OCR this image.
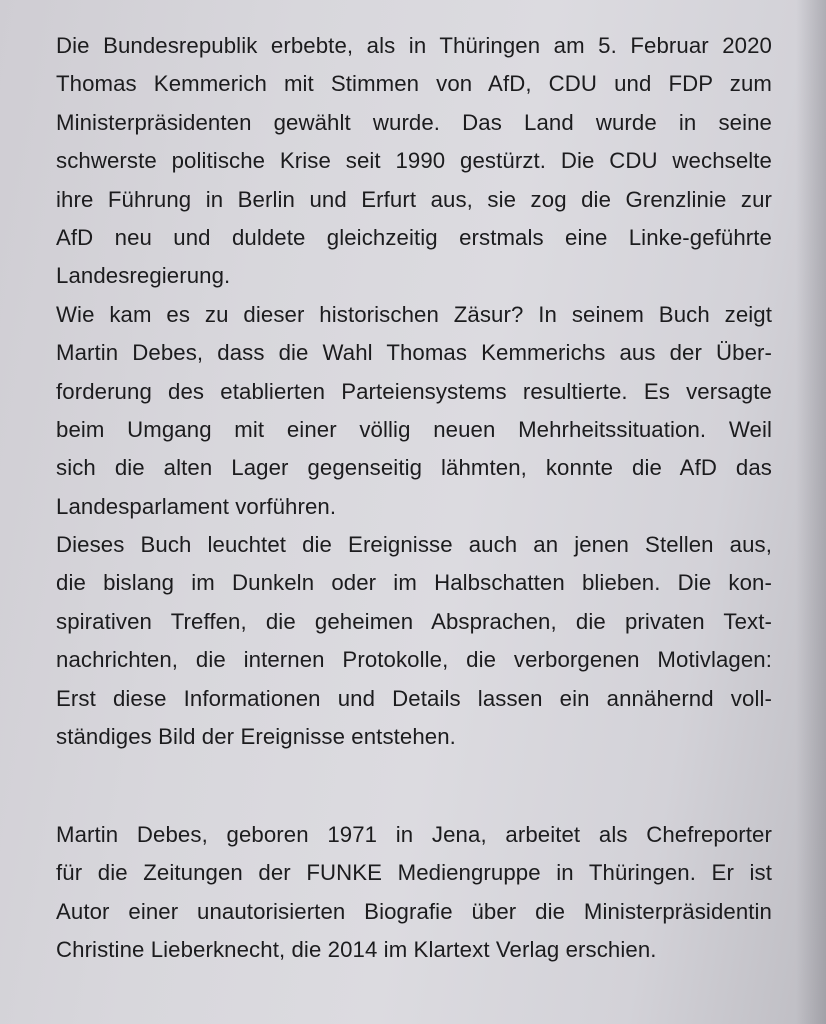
Die Bundesrepublik erbebte, als in Thüringen am 5. Februar 2020
Thomas Kemmerich mit Stimmen von AfD, CDU und FDP zum
Ministerpräsidenten gewählt wurde. Das Land wurde in seine
schwerste politische Krise seit 1990 gestürzt. Die CDU wechselte
ihre Führung in Berlin und Erfurt aus, sie zog die Grenzlinie zur
AfD neu und duldete gleichzeitig erstmals eine Linke-geführte
Landesregierung.
Wie kam es zu dieser historischen Zäsur? In seinem Buch zeigt
Martin Debes, dass die Wahl Thomas Kemmerichs aus der Über-
forderung des etablierten Parteiensystems resultierte. Es versagte
beim Umgang mit einer völlig neuen Mehrheitssituation. Weil
sich die alten Lager gegenseitig lähmten, konnte die AfD das
Landesparlament vorführen.
Dieses Buch leuchtet die Ereignisse auch an jenen Stellen aus,
die bislang im Dunkeln oder im Halbschatten blieben. Die kon-
spirativen Treffen, die geheimen Absprachen, die privaten Text-
nachrichten, die internen Protokolle, die verborgenen Motivlagen:
Erst diese Informationen und Details lassen ein annähernd voll-
ständiges Bild der Ereignisse entstehen.
Martin Debes, geboren 1971 in Jena, arbeitet als Chefreporter
für die Zeitungen der FUNKE Mediengruppe in Thüringen. Er ist
Autor einer unautorisierten Biografie über die Ministerpräsidentin
Christine Lieberknecht, die 2014 im Klartext Verlag erschien.
